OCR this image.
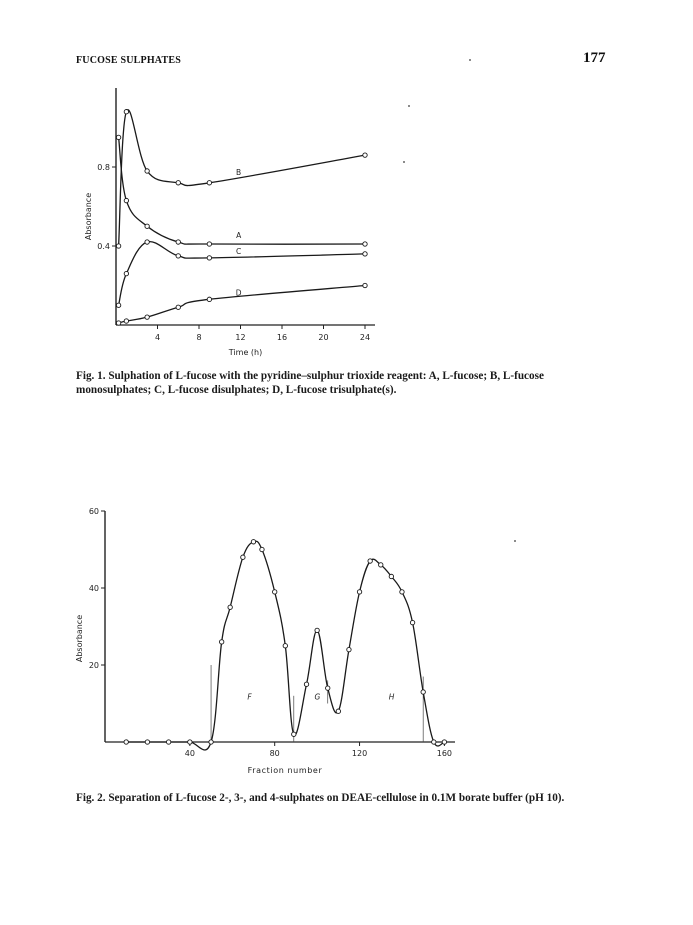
FUCOSE SULPHATES	177
4	8	12	16	20	24
0.4
0.8
Absorbance
Time (h)
A
B
C
D
Fig. 1. Sulphation of L-fucose with the pyridine–sulphur trioxide reagent: A, L-fucose; B, L-fucose monosulphates; C, L-fucose disulphates; D, L-fucose trisulphate(s).
40	80	120	160
20
40
60
Absorbance
Fraction number
F	G	H
Fig. 2. Separation of L-fucose 2-, 3-, and 4-sulphates on DEAE-cellulose in 0.1M borate buffer (pH 10).
